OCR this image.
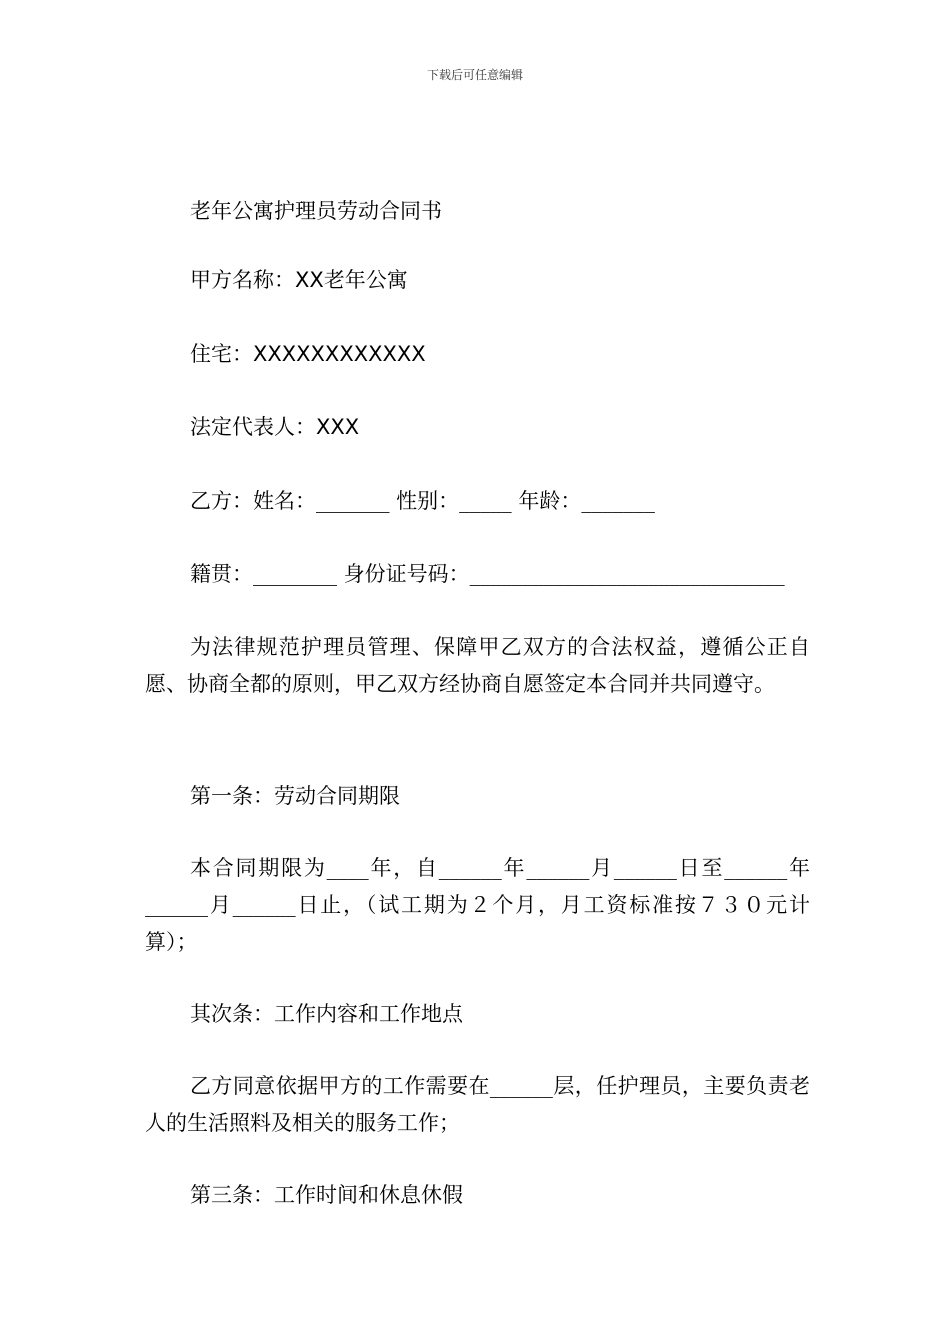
下载后可任意编辑
老年公寓护理员劳动合同书
甲方名称：XX老年公寓
住宅：XXXXXXXXXXXX
法定代表人：XXX
乙方：姓名：_______ 性别：_____ 年龄：_______
籍贯：________ 身份证号码：______________________________
为法律规范护理员管理、保障甲乙双方的合法权益，遵循公正自愿、协商全都的原则，甲乙双方经协商自愿签定本合同并共同遵守。
第一条：劳动合同期限
本合同期限为____年，自______年______月______日至______年______月______日止，（试工期为２个月，月工资标准按７３０元计算）；
其次条：工作内容和工作地点
乙方同意依据甲方的工作需要在______层，任护理员，主要负责老人的生活照料及相关的服务工作；
第三条：工作时间和休息休假
